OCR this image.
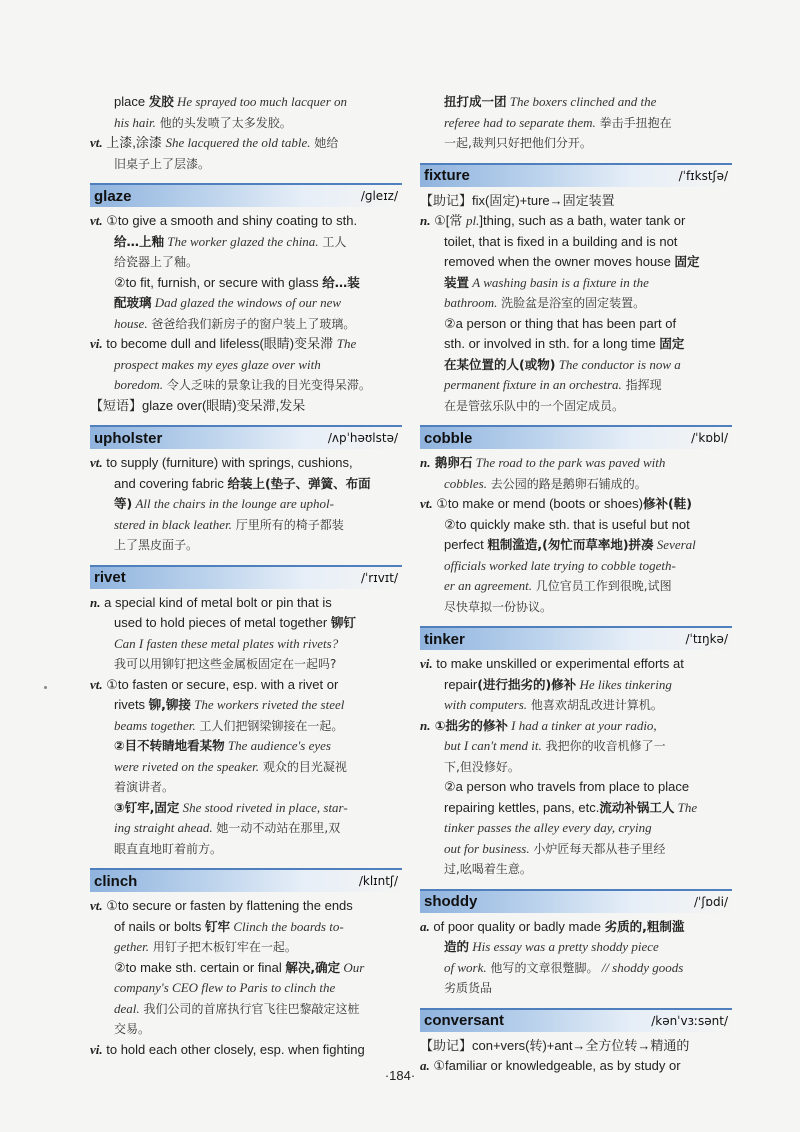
place 发胶 He sprayed too much lacquer on
his hair. 他的头发喷了太多发胶。
vt. 上漆,涂漆 She lacquered the old table. 她给
旧桌子上了层漆。
glaze	/ɡleɪz/
vt. ①to give a smooth and shiny coating to sth.
给…上釉 The worker glazed the china. 工人
给瓷器上了釉。
②to fit, furnish, or secure with glass 给…装
配玻璃 Dad glazed the windows of our new
house. 爸爸给我们新房子的窗户装上了玻璃。
vi. to become dull and lifeless(眼睛)变呆滞 The
prospect makes my eyes glaze over with
boredom. 令人乏味的景象让我的目光变得呆滞。
【短语】glaze over(眼睛)变呆滞,发呆
upholster	/ʌpˈhəʊlstə/
vt. to supply (furniture) with springs, cushions,
and covering fabric 给装上(垫子、弹簧、布面
等) All the chairs in the lounge are uphol-
stered in black leather. 厅里所有的椅子都装
上了黑皮面子。
rivet	/ˈrɪvɪt/
n. a special kind of metal bolt or pin that is
used to hold pieces of metal together 铆钉
Can I fasten these metal plates with rivets?
我可以用铆钉把这些金属板固定在一起吗?
vt. ①to fasten or secure, esp. with a rivet or
rivets 铆,铆接 The workers riveted the steel
beams together. 工人们把钢梁铆接在一起。
②目不转睛地看某物 The audience's eyes
were riveted on the speaker. 观众的目光凝视
着演讲者。
③钉牢,固定 She stood riveted in place, star-
ing straight ahead. 她一动不动站在那里,双
眼直直地盯着前方。
clinch	/klɪntʃ/
vt. ①to secure or fasten by flattening the ends
of nails or bolts 钉牢 Clinch the boards to-
gether. 用钉子把木板钉牢在一起。
②to make sth. certain or final 解决,确定 Our
company's CEO flew to Paris to clinch the
deal. 我们公司的首席执行官飞往巴黎敲定这桩
交易。
vi. to hold each other closely, esp. when fighting
扭打成一团 The boxers clinched and the
referee had to separate them. 拳击手扭抱在
一起,裁判只好把他们分开。
fixture	/ˈfɪkstʃə/
【助记】fix(固定)+ture→固定装置
n. ①[常 pl.]thing, such as a bath, water tank or
toilet, that is fixed in a building and is not
removed when the owner moves house 固定
装置 A washing basin is a fixture in the
bathroom. 洗脸盆是浴室的固定装置。
②a person or thing that has been part of
sth. or involved in sth. for a long time 固定
在某位置的人(或物) The conductor is now a
permanent fixture in an orchestra. 指挥现
在是管弦乐队中的一个固定成员。
cobble	/ˈkɒbl/
n. 鹅卵石 The road to the park was paved with
cobbles. 去公园的路是鹅卵石铺成的。
vt. ①to make or mend (boots or shoes)修补(鞋)
②to quickly make sth. that is useful but not
perfect 粗制滥造,(匆忙而草率地)拼凑 Several
officials worked late trying to cobble togeth-
er an agreement. 几位官员工作到很晚,试图
尽快草拟一份协议。
tinker	/ˈtɪŋkə/
vi. to make unskilled or experimental efforts at
repair(进行拙劣的)修补 He likes tinkering
with computers. 他喜欢胡乱改进计算机。
n. ①拙劣的修补 I had a tinker at your radio,
but I can't mend it. 我把你的收音机修了一
下,但没修好。
②a person who travels from place to place
repairing kettles, pans, etc.流动补锅工人 The
tinker passes the alley every day, crying
out for business. 小炉匠每天都从巷子里经
过,吆喝着生意。
shoddy	/ˈʃɒdi/
a. of poor quality or badly made 劣质的,粗制滥
造的 His essay was a pretty shoddy piece
of work. 他写的文章很蹩脚。 // shoddy goods
劣质货品
conversant	/kənˈvɜːsənt/
【助记】con+vers(转)+ant→全方位转→精通的
a. ①familiar or knowledgeable, as by study or
·184·
